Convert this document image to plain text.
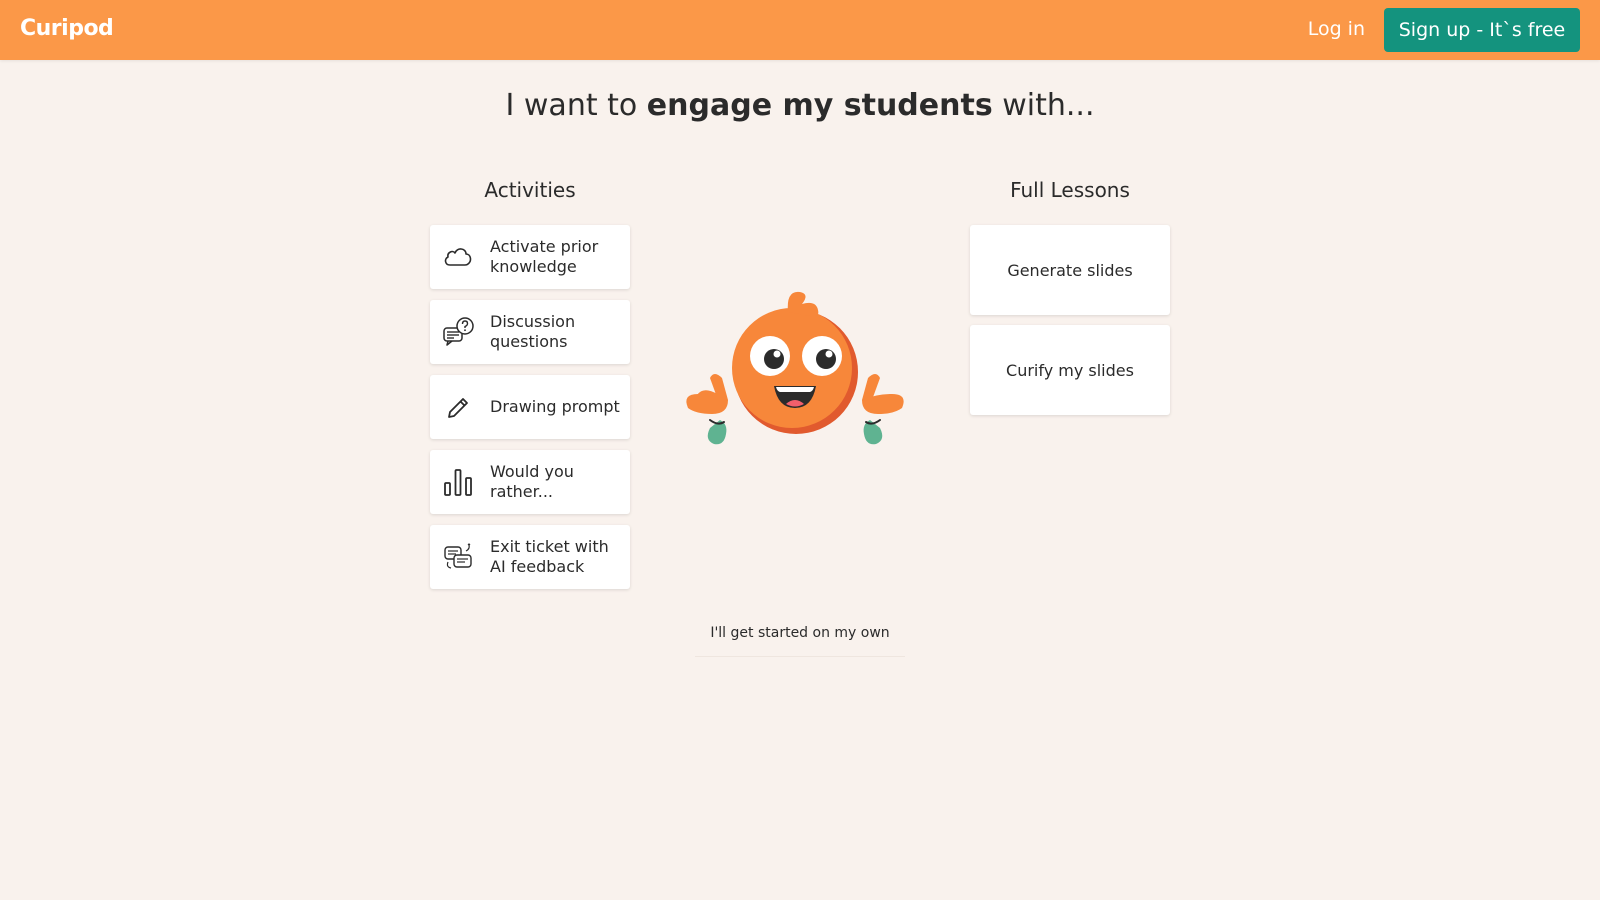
Curipod	Log in	Sign up - It`s free
I want to engage my students with...
Activities	Full Lessons
Activate prior knowledge
Discussion questions
Drawing prompt
Would you rather...
Exit ticket with AI feedback
Generate slides
Curify my slides
I'll get started on my own
